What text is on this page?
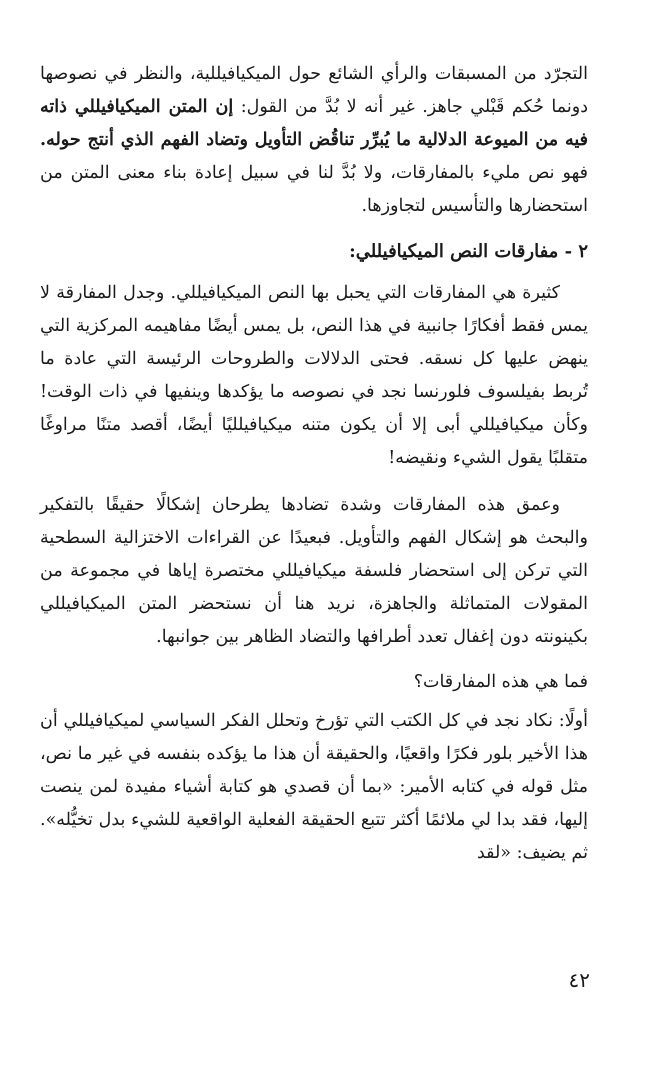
التجرّد من المسبقات والرأي الشائع حول الميكيافيللية، والنظر في نصوصها دونما حُكم قَبْلي جاهز. غير أنه لا بُدَّ من القول: إن المتن الميكيافيللي ذاته فيه من الميوعة الدلالية ما يُبرِّر تناقُض التأويل وتضاد الفهم الذي أنتج حوله. فهو نص مليء بالمفارقات، ولا بُدَّ لنا في سبيل إعادة بناء معنى المتن من استحضارها والتأسيس لتجاوزها.

٢ - مفارقات النص الميكيافيللي:

كثيرة هي المفارقات التي يحبل بها النص الميكيافيللي. وجدل المفارقة لا يمس فقط أفكارًا جانبية في هذا النص، بل يمس أيضًا مفاهيمه المركزية التي ينهض عليها كل نسقه. فحتى الدلالات والطروحات الرئيسة التي عادة ما تُربط بفيلسوف فلورنسا نجد في نصوصه ما يؤكدها وينفيها في ذات الوقت! وكأن ميكيافيللي أبى إلا أن يكون متنه ميكيافيلليًا أيضًا، أقصد متنًا مراوغًا متقلبًا يقول الشيء ونقيضه!

وعمق هذه المفارقات وشدة تضادها يطرحان إشكالًا حقيقًا بالتفكير والبحث هو إشكال الفهم والتأويل. فبعيدًا عن القراءات الاختزالية السطحية التي تركن إلى استحضار فلسفة ميكيافيللي مختصرة إياها في مجموعة من المقولات المتماثلة والجاهزة، نريد هنا أن نستحضر المتن الميكيافيللي بكينونته دون إغفال تعدد أطرافها والتضاد الظاهر بين جوانبها.

فما هي هذه المفارقات؟

أولًا: نكاد نجد في كل الكتب التي تؤرخ وتحلل الفكر السياسي لميكيافيللي أن هذا الأخير بلور فكرًا واقعيًا، والحقيقة أن هذا ما يؤكده بنفسه في غير ما نص، مثل قوله في كتابه الأمير: «بما أن قصدي هو كتابة أشياء مفيدة لمن ينصت إليها، فقد بدا لي ملائمًا أكثر تتبع الحقيقة الفعلية الواقعية للشيء بدل تخيُّله». ثم يضيف: «لقد

٤٢
